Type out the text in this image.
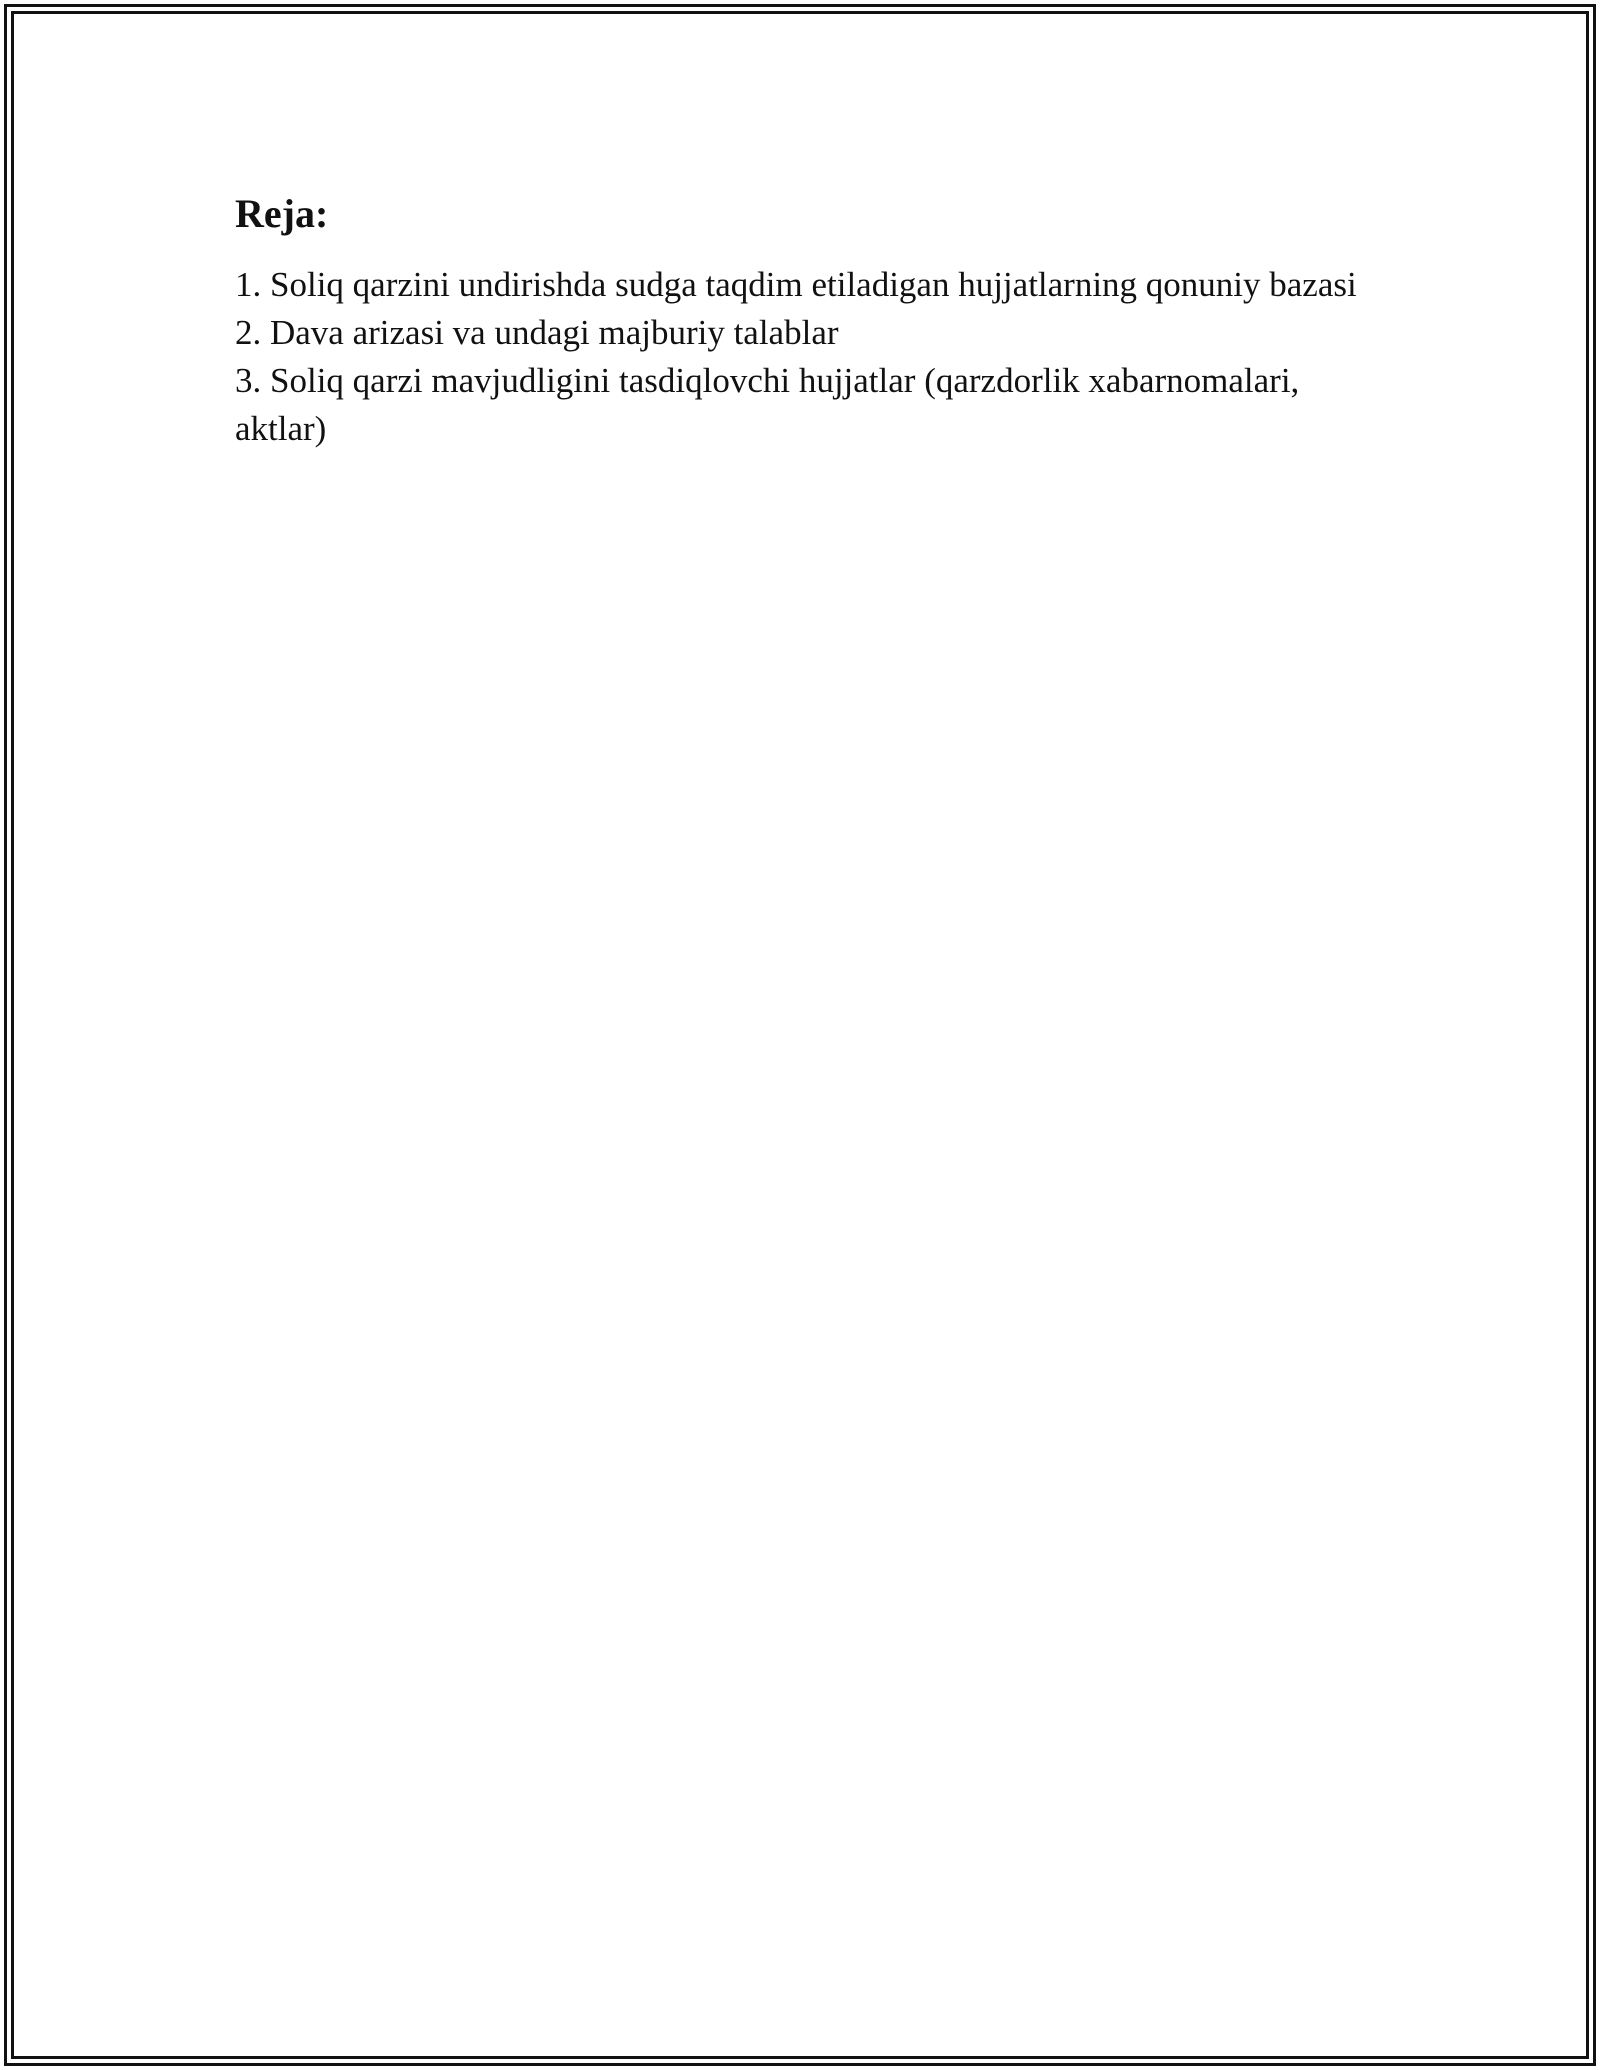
Reja:
1. Soliq qarzini undirishda sudga taqdim etiladigan hujjatlarning qonuniy bazasi
2. Dava arizasi va undagi majburiy talablar
3. Soliq qarzi mavjudligini tasdiqlovchi hujjatlar (qarzdorlik xabarnomalari, aktlar)
